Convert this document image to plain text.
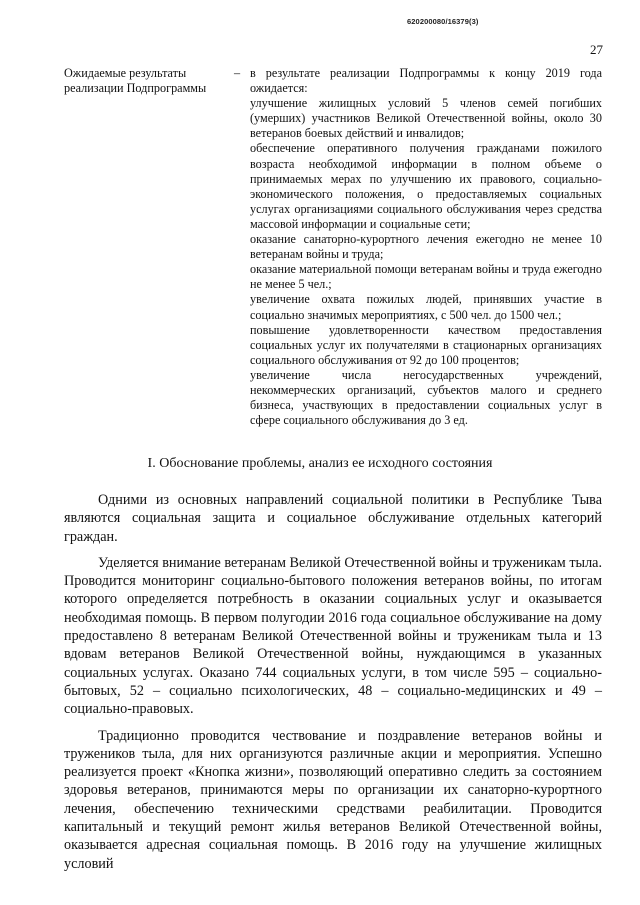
620200080/16379(3)
27
Ожидаемые результаты реализации Подпрограммы
– в результате реализации Подпрограммы к концу 2019 года ожидается:

улучшение жилищных условий 5 членов семей погибших (умерших) участников Великой Отечественной войны, около 30 ветеранов боевых действий и инвалидов;

обеспечение оперативного получения гражданами пожилого возраста необходимой информации в полном объеме о принимаемых мерах по улучшению их правового, социально-экономического положения, о предоставляемых социальных услугах организациями социального обслуживания через средства массовой информации и социальные сети;

оказание санаторно-курортного лечения ежегодно не менее 10 ветеранам войны и труда;

оказание материальной помощи ветеранам войны и труда ежегодно не менее 5 чел.;

увеличение охвата пожилых людей, принявших участие в социально значимых мероприятиях, с 500 чел. до 1500 чел.;

повышение удовлетворенности качеством предоставления социальных услуг их получателями в стационарных организациях социального обслуживания от 92 до 100 процентов;

увеличение числа негосударственных учреждений, некоммерческих организаций, субъектов малого и среднего бизнеса, участвующих в предоставлении социальных услуг в сфере социального обслуживания до 3 ед.

I. Обоснование проблемы, анализ ее исходного состояния

Одними из основных направлений социальной политики в Республике Тыва являются социальная защита и социальное обслуживание отдельных категорий граждан.

Уделяется внимание ветеранам Великой Отечественной войны и труженикам тыла. Проводится мониторинг социально-бытового положения ветеранов войны, по итогам которого определяется потребность в оказании социальных услуг и оказывается необходимая помощь. В первом полугодии 2016 года социальное обслуживание на дому предоставлено 8 ветеранам Великой Отечественной войны и труженикам тыла и 13 вдовам ветеранов Великой Отечественной войны, нуждающимся в указанных социальных услугах. Оказано 744 социальных услуги, в том числе 595 – социально-бытовых, 52 – социально психологических, 48 – социально-медицинских и 49 – социально-правовых.

Традиционно проводится чествование и поздравление ветеранов войны и тружеников тыла, для них организуются различные акции и мероприятия. Успешно реализуется проект «Кнопка жизни», позволяющий оперативно следить за состоянием здоровья ветеранов, принимаются меры по организации их санаторно-курортного лечения, обеспечению техническими средствами реабилитации. Проводится капитальный и текущий ремонт жилья ветеранов Великой Отечественной войны, оказывается адресная социальная помощь. В 2016 году на улучшение жилищных условий
